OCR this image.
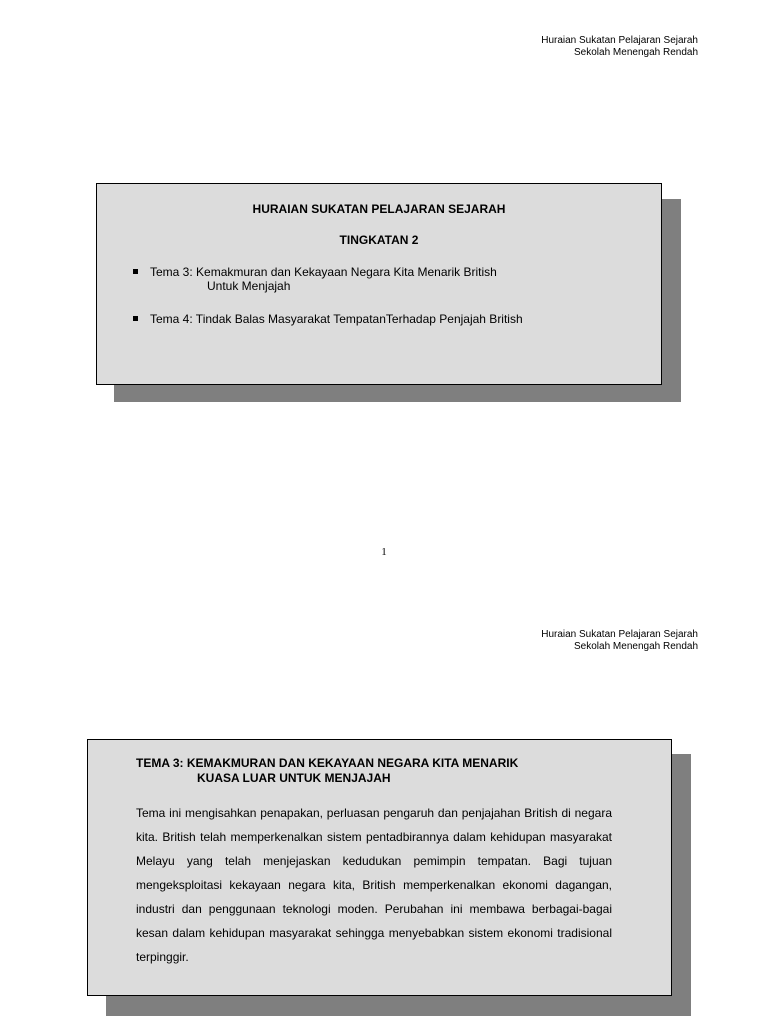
Huraian Sukatan Pelajaran Sejarah
Sekolah Menengah Rendah
HURAIAN SUKATAN PELAJARAN SEJARAH
TINGKATAN 2
Tema 3: Kemakmuran dan Kekayaan Negara Kita Menarik British
Untuk Menjajah
Tema 4: Tindak Balas Masyarakat TempatanTerhadap Penjajah British
1
Huraian Sukatan Pelajaran Sejarah
Sekolah Menengah Rendah
TEMA 3: KEMAKMURAN DAN KEKAYAAN NEGARA KITA MENARIK
KUASA LUAR UNTUK MENJAJAH

Tema ini mengisahkan penapakan, perluasan pengaruh dan penjajahan British di negara kita. British telah memperkenalkan sistem pentadbirannya dalam kehidupan masyarakat Melayu yang telah menjejaskan kedudukan pemimpin tempatan. Bagi tujuan mengeksploitasi kekayaan negara kita, British memperkenalkan ekonomi dagangan, industri dan penggunaan teknologi moden. Perubahan ini membawa berbagai-bagai kesan dalam kehidupan masyarakat sehingga menyebabkan sistem ekonomi tradisional terpinggir.
